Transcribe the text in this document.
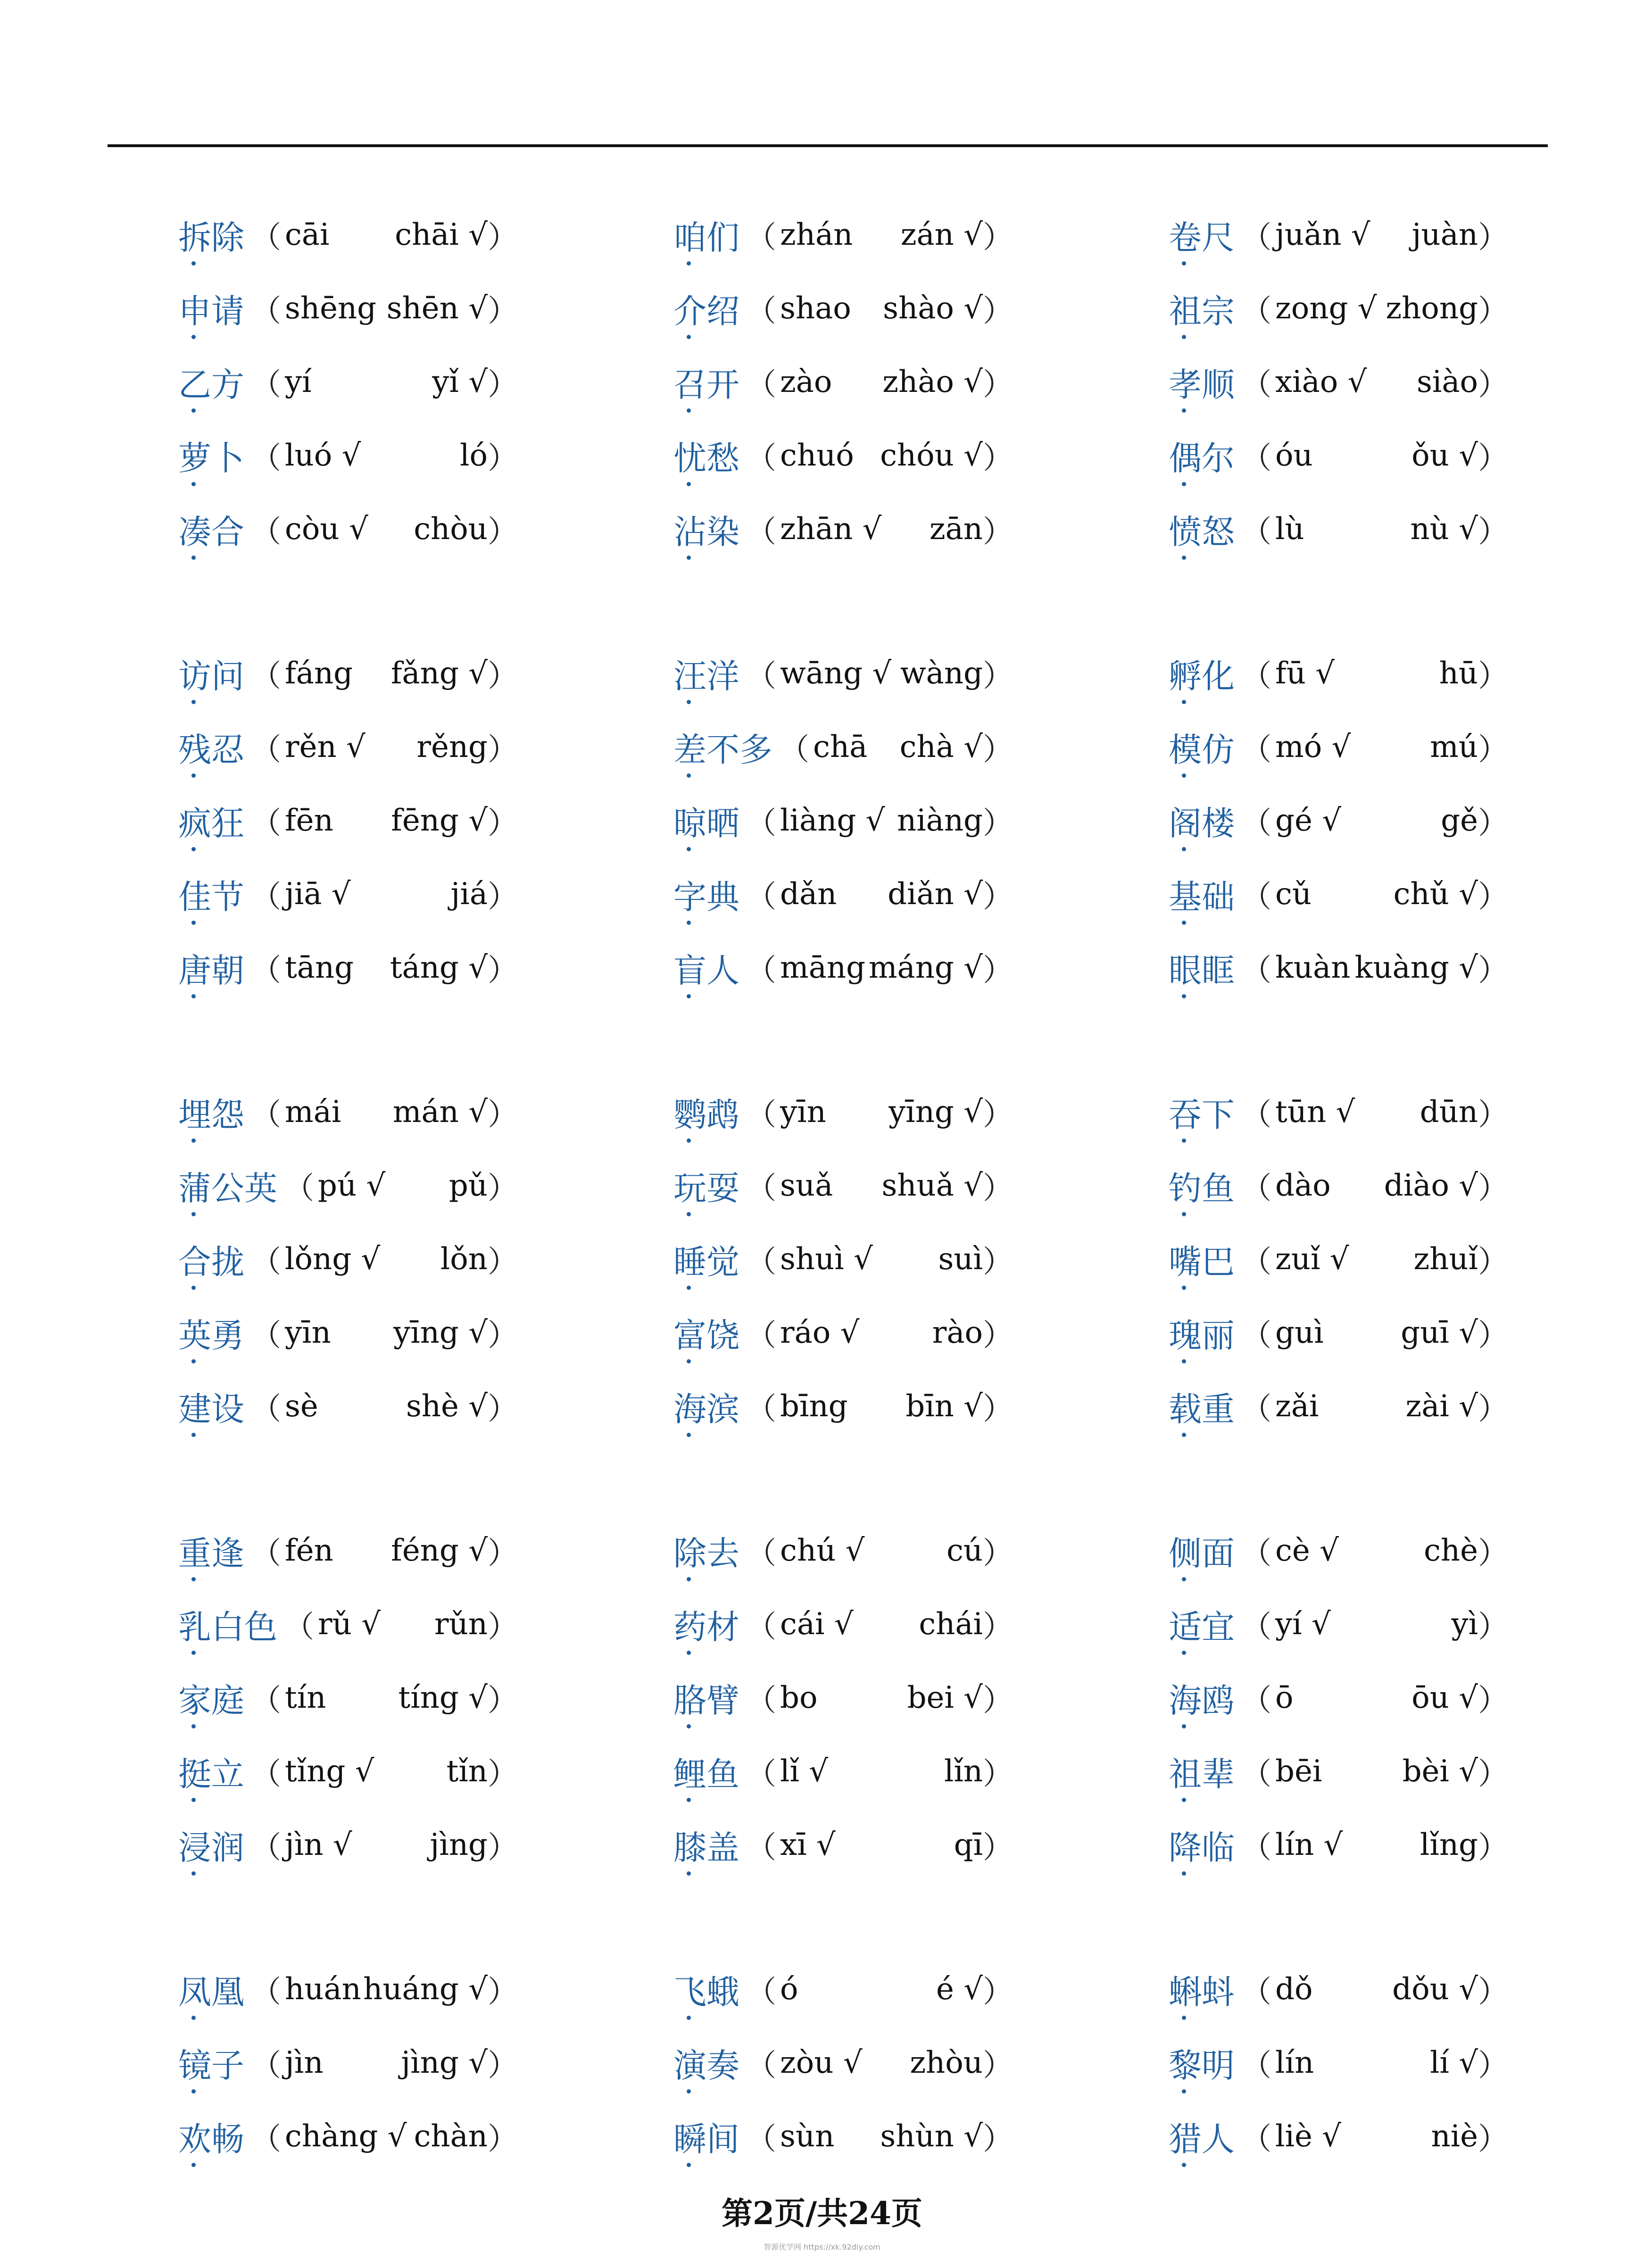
拆除 （ cāi	chāi √ ）
申请 （ shēng shēn √ ）
乙方 （ yí	yǐ √ ）
萝卜 （ luó √	ló ）
凑合 （ còu √	chòu ）
咱们 （ zhán	zán √ ）
介绍 （ shao	shào √ ）
召开 （ zào	zhào √ ）
忧愁 （ chuó chóu √ ）
沾染 （ zhān √	zān ）
卷尺 （ juǎn √	juàn ）
祖宗 （ zong √ zhong ）
孝顺 （ xiào √	siào ）
偶尔 （ óu	ǒu √ ）
愤怒 （ lù	nù √ ）
访问 （ fáng	fǎng √ ）
残忍 （ rěn √	rěng ）
疯狂 （ fēn	fēng √ ）
佳节 （ jiā √	jiá ）
唐朝 （ tāng	táng √ ）
汪洋 （ wāng √ wàng ）
差不多 （ chā	chà √ ）
晾晒 （ liàng √ niàng ）
字典 （ dǎn	diǎn √ ）
盲人 （ māng máng √ ）
孵化 （ fū √	hū ）
模仿 （ mó √	mú ）
阁楼 （ gé √	gě ）
基础 （ cǔ	chǔ √ ）
眼眶 （ kuàn kuàng √ ）
埋怨 （ mái	mán √ ）
蒲公英 （ pú √	pǔ ）
合拢 （ lǒng √	lǒn ）
英勇 （ yīn	yīng √ ）
建设 （ sè	shè √ ）
鹦鹉 （ yīn	yīng √ ）
玩耍 （ suǎ	shuǎ √ ）
睡觉 （ shuì √	suì ）
富饶 （ ráo √	rào ）
海滨 （ bīng	bīn √ ）
吞下 （ tūn √	dūn ）
钓鱼 （ dào	diào √ ）
嘴巴 （ zuǐ √	zhuǐ ）
瑰丽 （ guì	guī √ ）
载重 （ zǎi	zài √ ）
重逢 （ fén	féng √ ）
乳白色 （ rǔ √	rǔn ）
家庭 （ tín	tíng √ ）
挺立 （ tǐng √	tǐn ）
浸润 （ jìn √	jìng ）
除去 （ chú √	cú ）
药材 （ cái √	chái ）
胳臂 （ bo	bei √ ）
鲤鱼 （ lǐ √	lǐn ）
膝盖 （ xī √	qī ）
侧面 （ cè √	chè ）
适宜 （ yí √	yì ）
海鸥 （ ō	ōu √ ）
祖辈 （ bēi	bèi √ ）
降临 （ lín √	lǐng ）
凤凰 （ huán huáng √ ）
镜子 （ jìn	jìng √ ）
欢畅 （ chàng √ chàn ）
飞蛾 （ ó	é √ ）
演奏 （ zòu √	zhòu ）
瞬间 （ sùn	shùn √ ）
蝌蚪 （ dǒ	dǒu √ ）
黎明 （ lín	lí √ ）
猎人 （ liè √	niè ）
第2页/共24页
智源优学网 https://xk.92diy.com
